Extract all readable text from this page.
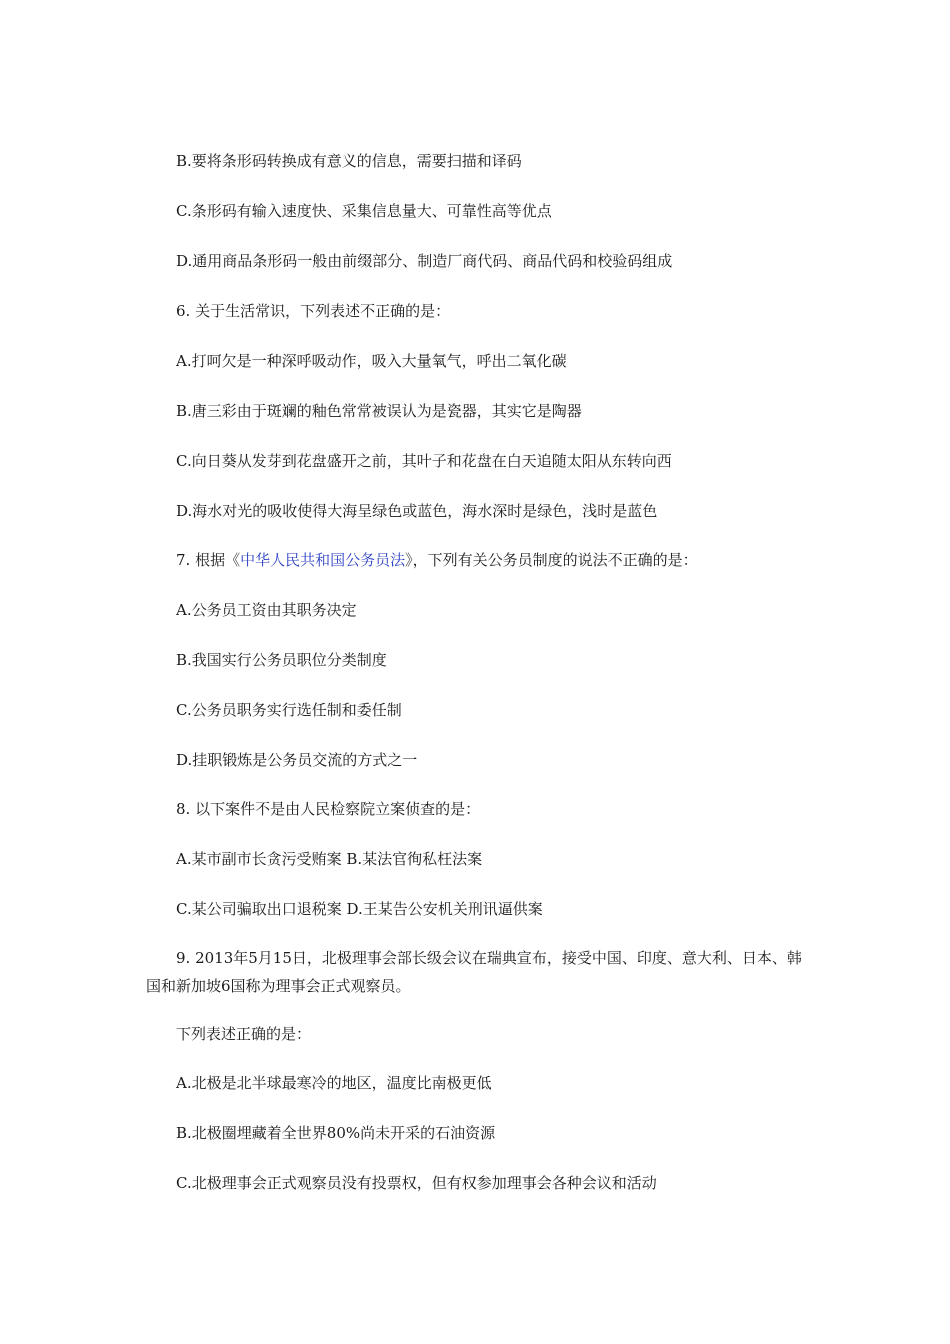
B.要将条形码转换成有意义的信息，需要扫描和译码
C.条形码有输入速度快、采集信息量大、可靠性高等优点
D.通用商品条形码一般由前缀部分、制造厂商代码、商品代码和校验码组成
6. 关于生活常识，下列表述不正确的是：
A.打呵欠是一种深呼吸动作，吸入大量氧气，呼出二氧化碳
B.唐三彩由于斑斓的釉色常常被误认为是瓷器，其实它是陶器
C.向日葵从发芽到花盘盛开之前，其叶子和花盘在白天追随太阳从东转向西
D.海水对光的吸收使得大海呈绿色或蓝色，海水深时是绿色，浅时是蓝色
7. 根据《中华人民共和国公务员法》，下列有关公务员制度的说法不正确的是：
A.公务员工资由其职务决定
B.我国实行公务员职位分类制度
C.公务员职务实行选任制和委任制
D.挂职锻炼是公务员交流的方式之一
8. 以下案件不是由人民检察院立案侦查的是：
A.某市副市长贪污受贿案 B.某法官徇私枉法案
C.某公司骗取出口退税案 D.王某告公安机关刑讯逼供案
9. 2013年5月15日，北极理事会部长级会议在瑞典宣布，接受中国、印度、意大利、日本、韩国和新加坡6国称为理事会正式观察员。
下列表述正确的是：
A.北极是北半球最寒冷的地区，温度比南极更低
B.北极圈埋藏着全世界80%尚未开采的石油资源
C.北极理事会正式观察员没有投票权，但有权参加理事会各种会议和活动
